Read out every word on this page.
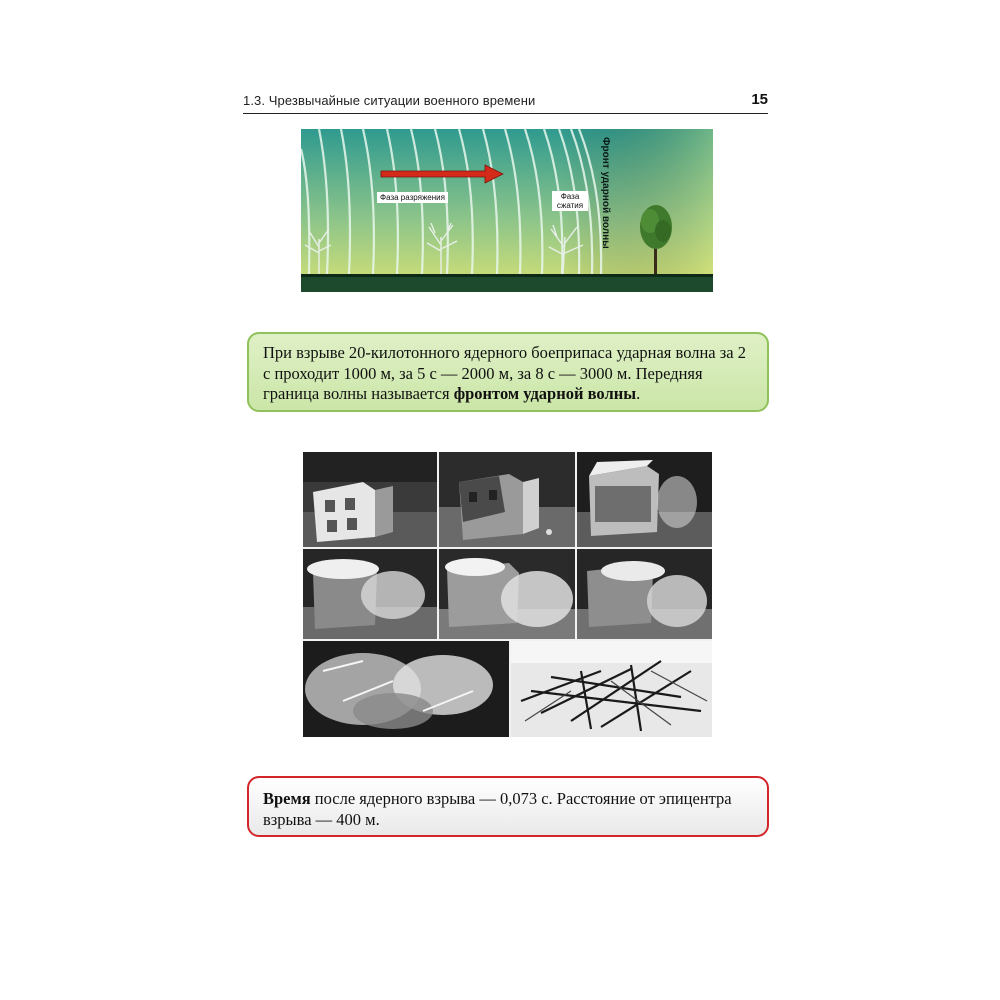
1.3. Чрезвычайные ситуации военного времени	15
Фаза разряжения	Фаза сжатия	Фронт ударной волны
При взрыве 20-килотонного ядерного боеприпаса ударная волна за 2 с проходит 1000 м, за 5 с — 2000 м, за 8 с — 3000 м. Передняя граница волны называется фронтом ударной волны.
Время после ядерного взрыва — 0,073 с. Расстояние от эпицентра взрыва — 400 м.
